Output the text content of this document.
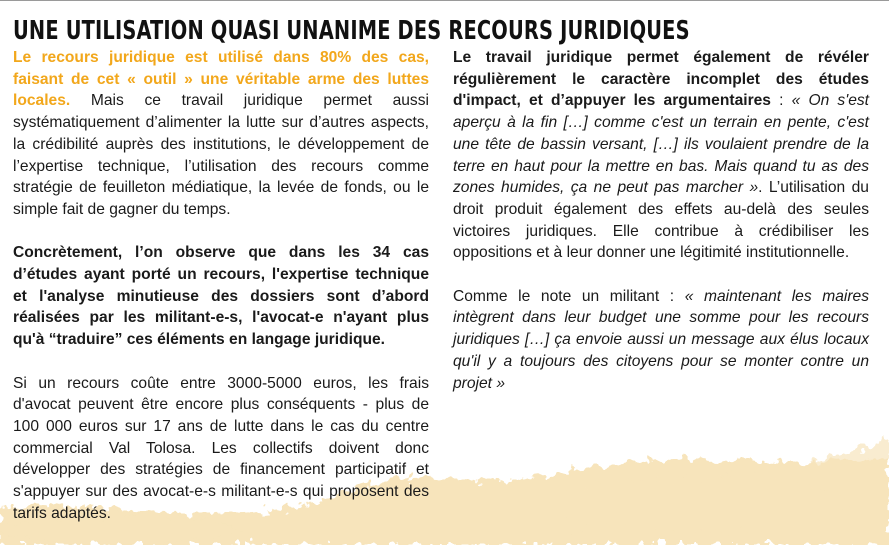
UNE UTILISATION QUASI UNANIME DES RECOURS JURIDIQUES

Le recours juridique est utilisé dans 80% des cas, faisant de cet « outil » une véritable arme des luttes locales. Mais ce travail juridique permet aussi systématiquement d’alimenter la lutte sur d’autres aspects, la crédibilité auprès des institutions, le développement de l’expertise technique, l’utilisation des recours comme stratégie de feuilleton médiatique, la levée de fonds, ou le simple fait de gagner du temps.

Concrètement, l’on observe que dans les 34 cas d’études ayant porté un recours, l'expertise technique et l'analyse minutieuse des dossiers sont d’abord réalisées par les militant-e-s, l'avocat-e n'ayant plus qu'à “traduire” ces éléments en langage juridique.

Si un recours coûte entre 3000-5000 euros, les frais d'avocat peuvent être encore plus conséquents - plus de 100 000 euros sur 17 ans de lutte dans le cas du centre commercial Val Tolosa. Les collectifs doivent donc développer des stratégies de financement participatif et s'appuyer sur des avocat-e-s militant-e-s qui proposent des tarifs adaptés.

Le travail juridique permet également de révéler régulièrement le caractère incomplet des études d'impact, et d’appuyer les argumentaires : « On s'est aperçu à la fin […] comme c'est un terrain en pente, c'est une tête de bassin versant, […] ils voulaient prendre de la terre en haut pour la mettre en bas. Mais quand tu as des zones humides, ça ne peut pas marcher ». L’utilisation du droit produit également des effets au-delà des seules victoires juridiques. Elle contribue à crédibiliser les oppositions et à leur donner une légitimité institutionnelle.

Comme le note un militant : « maintenant les maires intègrent dans leur budget une somme pour les recours juridiques […] ça envoie aussi un message aux élus locaux qu'il y a toujours des citoyens pour se monter contre un projet »
